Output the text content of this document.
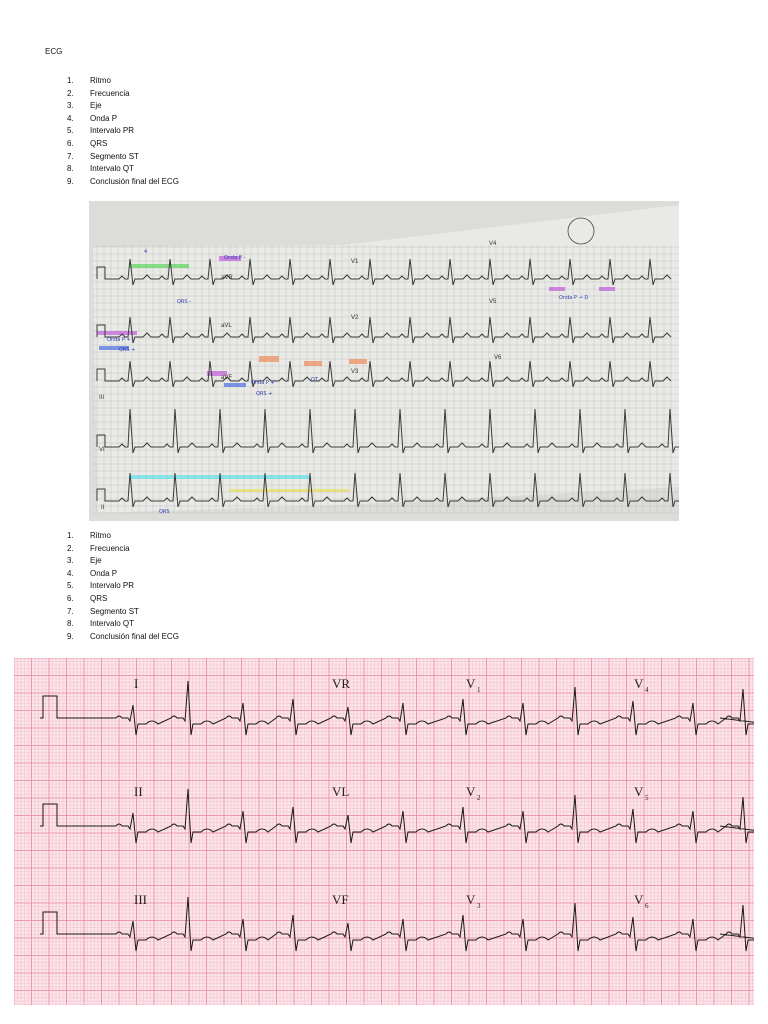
ECG
1.	Ritmo
2.	Frecuencia
3.	Eje
4.	Onda P
5.	Intervalo PR
6.	QRS
7.	Segmento ST
8.	Intervalo QT
9.	Conclusión final del ECG
aVR
aVL
aVF
V1
V2
V3
V4
V5
V6
III
VI
II
4
Onda P -
QRS -
Onda P +
QRS +
Onda P +
QRS +
QT
Onda P → D
QRS
1.	Ritmo
2.	Frecuencia
3.	Eje
4.	Onda P
5.	Intervalo PR
6.	QRS
7.	Segmento ST
8.	Intervalo QT
9.	Conclusión final del ECG
I	VR	V 1	V 4
II	VL	V 2	V 5
III	VF	V 3	V 6
